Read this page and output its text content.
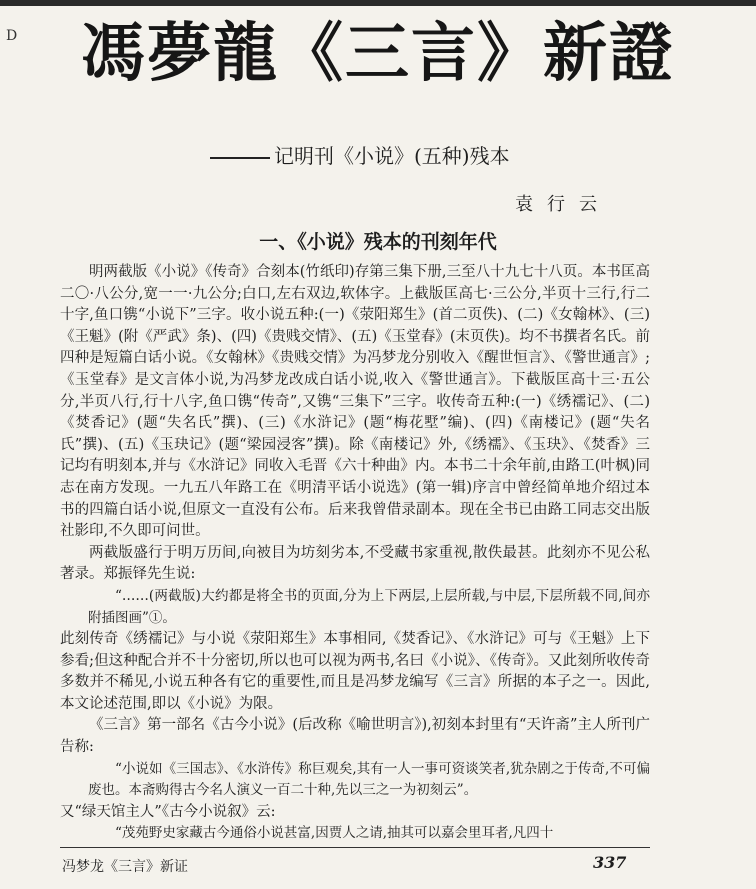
D 馮夢龍《三言》新證
记明刊《小说》(五种)残本
袁行云
一、《小说》残本的刊刻年代

明两截版《小说》《传奇》合刻本(竹纸印)存第三集下册,三至八十九七十八页。本书匡高二〇·八公分,宽一一·九公分;白口,左右双边,软体字。上截版匡高七·三公分,半页十三行,行二十字,鱼口镌“小说下”三字。收小说五种:(一)《荥阳郑生》(首二页佚)、(二)《女翰林》、(三)《王魁》(附《严武》条)、(四)《贵贱交情》、(五)《玉堂春》(末页佚)。均不书撰者名氏。前四种是短篇白话小说。《女翰林》《贵贱交情》为冯梦龙分别收入《醒世恒言》、《警世通言》;《玉堂春》是文言体小说,为冯梦龙改成白话小说,收入《警世通言》。下截版匡高十三·五公分,半页八行,行十八字,鱼口镌“传奇”,又镌“三集下”三字。收传奇五种:(一)《绣襦记》、(二)《焚香记》(题“失名氏”撰)、(三)《水浒记》(题“梅花墅”编)、(四)《南楼记》(题“失名氏”撰)、(五)《玉玦记》(题“梁园浸客”撰)。除《南楼记》外,《绣襦》、《玉玦》、《焚香》三记均有明刻本,并与《水浒记》同收入毛晋《六十种曲》内。本书二十余年前,由路工(叶枫)同志在南方发现。一九五八年路工在《明清平话小说选》(第一辑)序言中曾经简单地介绍过本书的四篇白话小说,但原文一直没有公布。后来我曾借录副本。现在全书已由路工同志交出版社影印,不久即可问世。

两截版盛行于明万历间,向被目为坊刻劣本,不受藏书家重视,散佚最甚。此刻亦不见公私著录。郑振铎先生说:

“……(两截版)大约都是将全书的页面,分为上下两层,上层所载,与中层,下层所载不同,间亦附插图画”①。

此刻传奇《绣襦记》与小说《荥阳郑生》本事相同,《焚香记》、《水浒记》可与《王魁》上下参看;但这种配合并不十分密切,所以也可以视为两书,名曰《小说》、《传奇》。又此刻所收传奇多数并不稀见,小说五种各有它的重要性,而且是冯梦龙编写《三言》所据的本子之一。因此,本文论述范围,即以《小说》为限。

《三言》第一部名《古今小说》(后改称《喻世明言》),初刻本封里有“天许斋”主人所刊广告称:

“小说如《三国志》、《水浒传》称巨观矣,其有一人一事可资谈笑者,犹杂剧之于传奇,不可偏废也。本斋购得古今名人演义一百二十种,先以三之一为初刻云”。

又“绿天馆主人”《古今小说叙》云:

“茂苑野史家藏古今通俗小说甚富,因贾人之请,抽其可以嘉会里耳者,凡四十

冯梦龙《三言》新证	337
